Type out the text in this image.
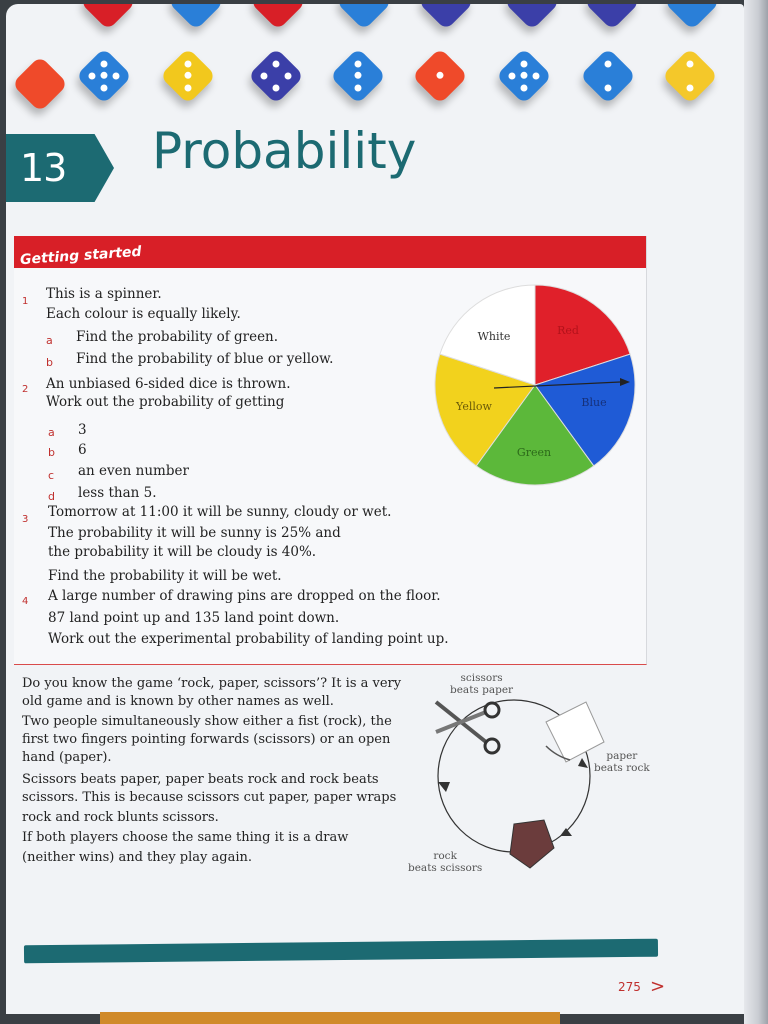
13 Probability
Getting started
1 This is a spinner.
Each colour is equally likely.
a Find the probability of green.
b Find the probability of blue or yellow.
2 An unbiased 6-sided dice is thrown.
Work out the probability of getting
a 3
b 6
c an even number
d less than 5.
3 Tomorrow at 11:00 it will be sunny, cloudy or wet.
The probability it will be sunny is 25% and
the probability it will be cloudy is 40%.
Find the probability it will be wet.
4 A large number of drawing pins are dropped on the floor.
87 land point up and 135 land point down.
Work out the experimental probability of landing point up.
White	Red
Blue
Green
Yellow
Do you know the game ‘rock, paper, scissors’? It is a very
old game and is known by other names as well.
Two people simultaneously show either a fist (rock), the
first two fingers pointing forwards (scissors) or an open
hand (paper).
Scissors beats paper, paper beats rock and rock beats
scissors. This is because scissors cut paper, paper wraps
rock and rock blunts scissors.
If both players choose the same thing it is a draw
(neither wins) and they play again.
scissors
beats paper
paper
beats rock
rock
beats scissors
275 >
